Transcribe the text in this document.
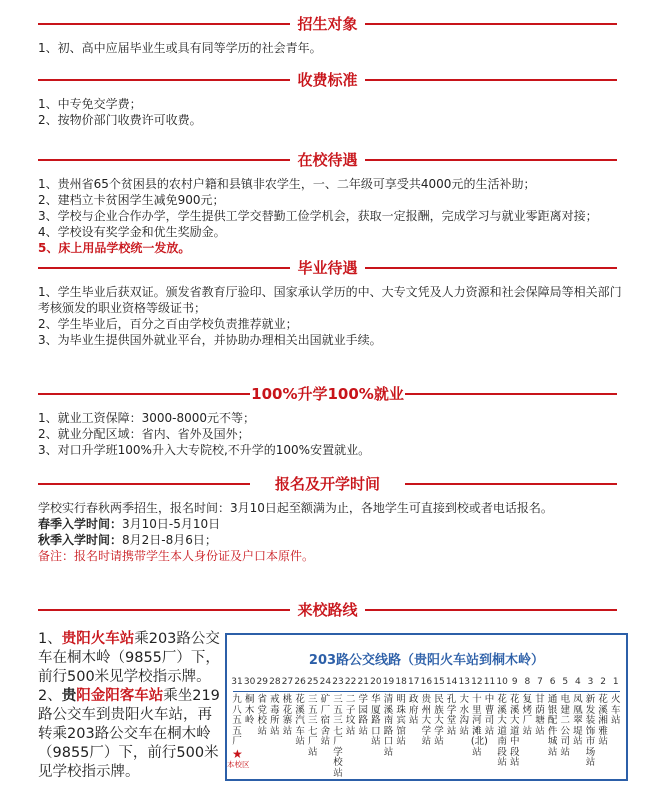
招生对象
1、初、高中应届毕业生或具有同等学历的社会青年。
收费标准
1、中专免交学费；
2、按物价部门收费许可收费。
在校待遇
1、贵州省65个贫困县的农村户籍和县镇非农学生，一、二年级可享受共4000元的生活补助；
2、建档立卡贫困学生减免900元；
3、学校与企业合作办学，学生提供工学交替勤工俭学机会，获取一定报酬，完成学习与就业零距离对接；
4、学校设有奖学金和优生奖励金。
5、床上用品学校统一发放。
毕业待遇
1、学生毕业后获双证。颁发省教育厅验印、国家承认学历的中、大专文凭及人力资源和社会保障局等相关部门考核颁发的职业资格等级证书；
2、学生毕业后，百分之百由学校负责推荐就业；
3、为毕业生提供国外就业平台，并协助办理相关出国就业手续。
100%升学100%就业
1、就业工资保障：3000-8000元不等；
2、就业分配区域：省内、省外及国外；
3、对口升学班100%升入大专院校,不升学的100%安置就业。
报名及开学时间
学校实行春秋两季招生，报名时间：3月10日起至额满为止，各地学生可直接到校或者电话报名。
春季入学时间：3月10日-5月10日
秋季入学时间：8月2日-8月6日；
备注：报名时请携带学生本人身份证及户口本原件。
来校路线

1、贵阳火车站乘203路公交车在桐木岭（9855厂）下，前行500米见学校指示牌。

2、贵阳金阳客车站乘坐219路公交车到贵阳火车站，再转乘203路公交车在桐木岭（9855厂）下，前行500米见学校指示牌。

203路公交线路（贵阳火车站到桐木岭）
31 30 29 28 27 26 25 24 23 22 21 20 19 18 17 16 15 14 13 12 11 10 9 8 7 6 5 4 3 2 1
九八五五厂
桐木岭
省党校站
戒毒所站
桃花寨站
花溪汽车站
三五三七厂站
矿厂宿舍站
三五三七厂学校站
二子坟站
学园路站
华厦路口站
清溪南路口站
明珠宾馆站
政府站
贵州大学站
民族大学站
孔学堂站
大水沟站
十里河滩(北)站
中曹司站
花溪大道南段站
花溪大道中段站
复烤厂站
甘荫塘站
通银配件城站
电建二公司站
凤凰翠堤站
新发装饰市场站
花溪湘雅站
火车站
★
本校区
